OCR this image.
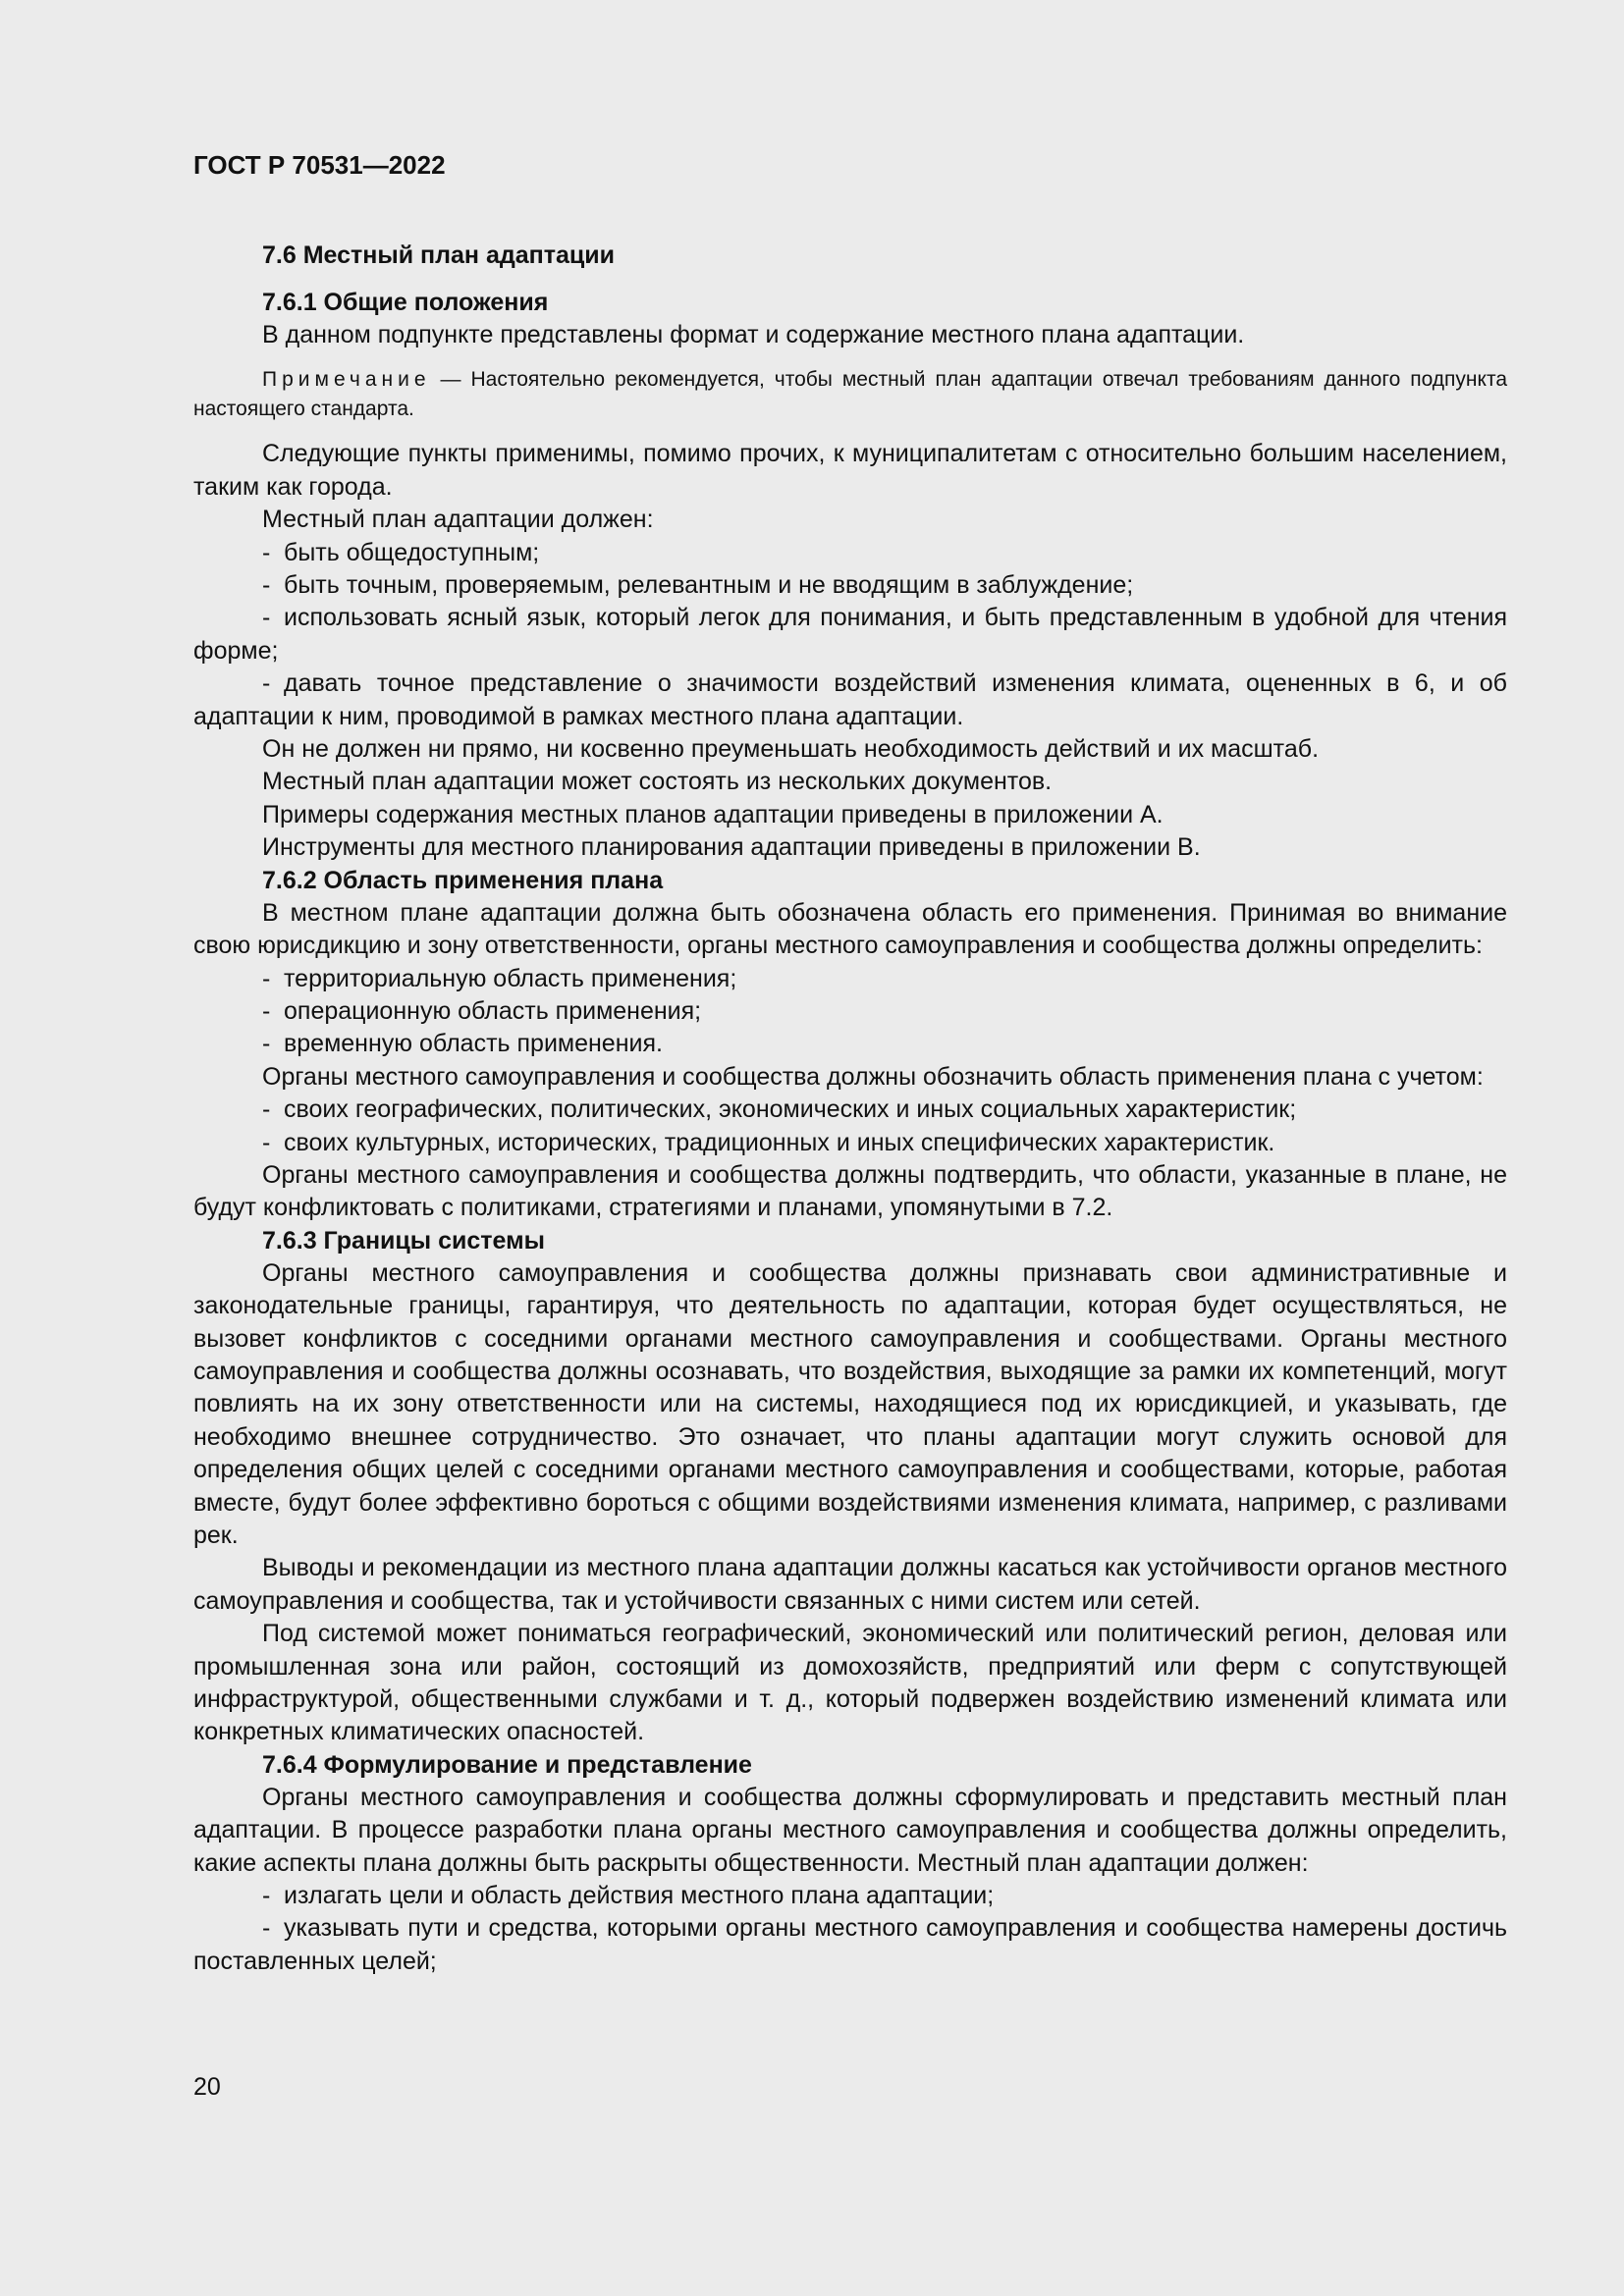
ГОСТ Р 70531—2022
7.6 Местный план адаптации
7.6.1 Общие положения

В данном подпункте представлены формат и содержание местного плана адаптации.

Примечание — Настоятельно рекомендуется, чтобы местный план адаптации отвечал требованиям данного подпункта настоящего стандарта.

Следующие пункты применимы, помимо прочих, к муниципалитетам с относительно большим населением, таким как города.

Местный план адаптации должен:

- быть общедоступным;

- быть точным, проверяемым, релевантным и не вводящим в заблуждение;

- использовать ясный язык, который легок для понимания, и быть представленным в удобной для чтения форме;

- давать точное представление о значимости воздействий изменения климата, оцененных в 6, и об адаптации к ним, проводимой в рамках местного плана адаптации.

Он не должен ни прямо, ни косвенно преуменьшать необходимость действий и их масштаб.

Местный план адаптации может состоять из нескольких документов.

Примеры содержания местных планов адаптации приведены в приложении А.

Инструменты для местного планирования адаптации приведены в приложении В.

7.6.2 Область применения плана

В местном плане адаптации должна быть обозначена область его применения. Принимая во внимание свою юрисдикцию и зону ответственности, органы местного самоуправления и сообщества должны определить:

- территориальную область применения;

- операционную область применения;

- временную область применения.

Органы местного самоуправления и сообщества должны обозначить область применения плана с учетом:

- своих географических, политических, экономических и иных социальных характеристик;

- своих культурных, исторических, традиционных и иных специфических характеристик.

Органы местного самоуправления и сообщества должны подтвердить, что области, указанные в плане, не будут конфликтовать с политиками, стратегиями и планами, упомянутыми в 7.2.

7.6.3 Границы системы

Органы местного самоуправления и сообщества должны признавать свои административные и законодательные границы, гарантируя, что деятельность по адаптации, которая будет осуществляться, не вызовет конфликтов с соседними органами местного самоуправления и сообществами. Органы местного самоуправления и сообщества должны осознавать, что воздействия, выходящие за рамки их компетенций, могут повлиять на их зону ответственности или на системы, находящиеся под их юрисдикцией, и указывать, где необходимо внешнее сотрудничество. Это означает, что планы адаптации могут служить основой для определения общих целей с соседними органами местного самоуправления и сообществами, которые, работая вместе, будут более эффективно бороться с общими воздействиями изменения климата, например, с разливами рек.

Выводы и рекомендации из местного плана адаптации должны касаться как устойчивости органов местного самоуправления и сообщества, так и устойчивости связанных с ними систем или сетей.

Под системой может пониматься географический, экономический или политический регион, деловая или промышленная зона или район, состоящий из домохозяйств, предприятий или ферм с сопутствующей инфраструктурой, общественными службами и т. д., который подвержен воздействию изменений климата или конкретных климатических опасностей.

7.6.4 Формулирование и представление

Органы местного самоуправления и сообщества должны сформулировать и представить местный план адаптации. В процессе разработки плана органы местного самоуправления и сообщества должны определить, какие аспекты плана должны быть раскрыты общественности. Местный план адаптации должен:

- излагать цели и область действия местного плана адаптации;

- указывать пути и средства, которыми органы местного самоуправления и сообщества намерены достичь поставленных целей;

20
